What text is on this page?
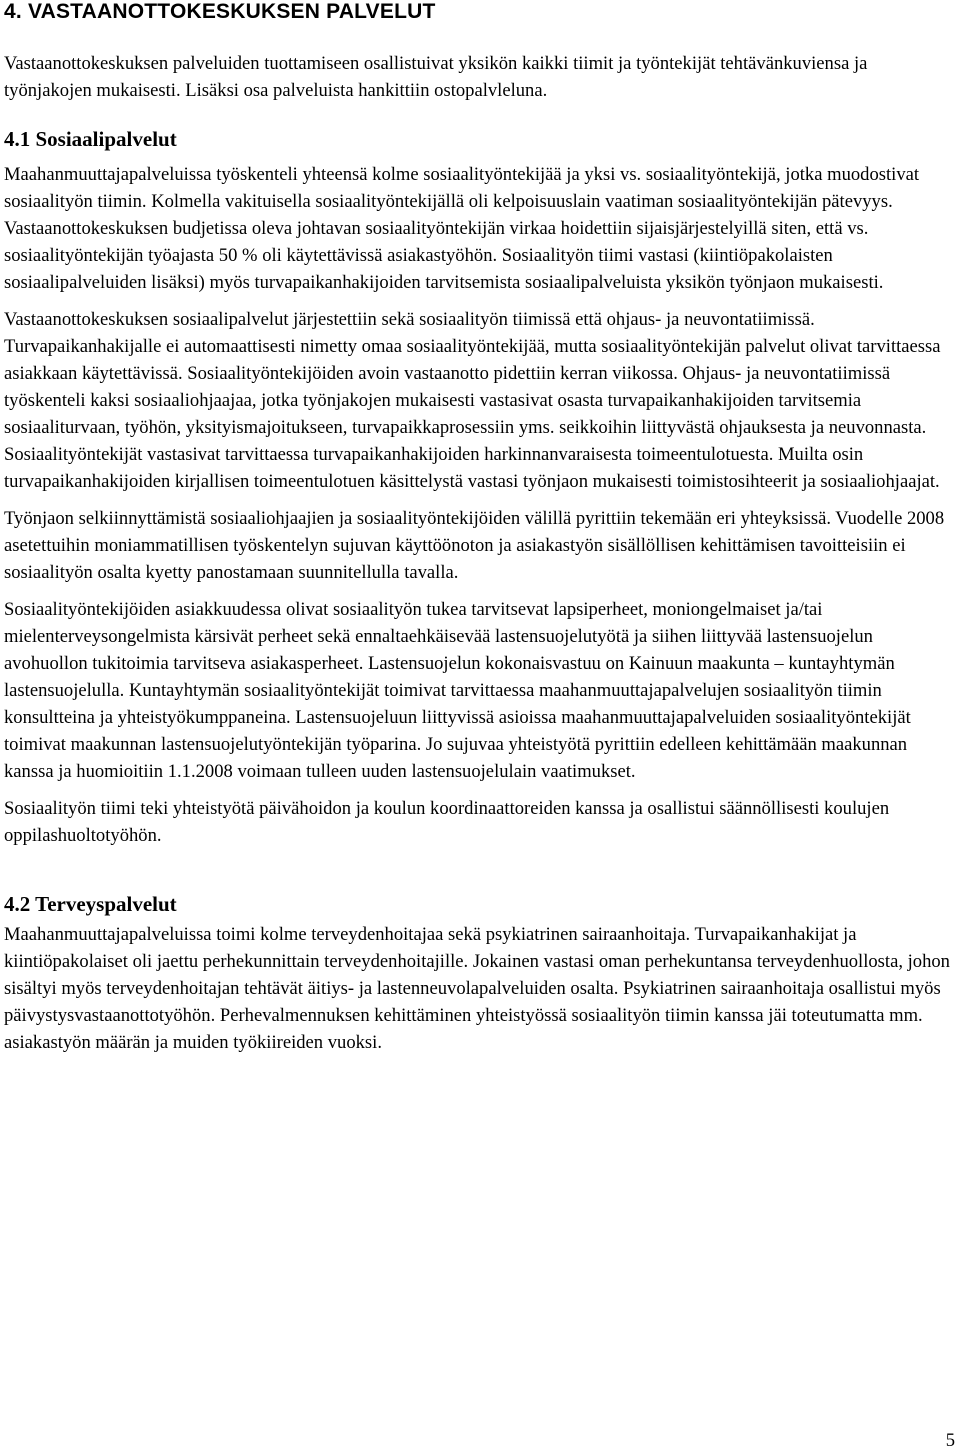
4. VASTAANOTTOKESKUKSEN PALVELUT

Vastaanottokeskuksen palveluiden tuottamiseen osallistuivat yksikön kaikki tiimit ja työntekijät tehtävänkuviensa ja työnjakojen mukaisesti. Lisäksi osa palveluista hankittiin ostopalvleluna.

4.1 Sosiaalipalvelut

Maahanmuuttajapalveluissa työskenteli yhteensä kolme sosiaalityöntekijää ja yksi vs. sosiaalityöntekijä, jotka muodostivat sosiaalityön tiimin. Kolmella vakituisella sosiaalityöntekijällä oli kelpoisuuslain vaatiman sosiaalityöntekijän pätevyys. Vastaanottokeskuksen budjetissa oleva johtavan sosiaalityöntekijän virkaa hoidettiin sijaisjärjestelyillä siten, että vs. sosiaalityöntekijän työajasta 50 % oli käytettävissä asiakastyöhön. Sosiaalityön tiimi vastasi (kiintiöpakolaisten sosiaalipalveluiden lisäksi) myös turvapaikanhakijoiden tarvitsemista sosiaalipalveluista yksikön työnjaon mukaisesti.

Vastaanottokeskuksen sosiaalipalvelut järjestettiin sekä sosiaalityön tiimissä että ohjaus- ja neuvontatiimissä. Turvapaikanhakijalle ei automaattisesti nimetty omaa sosiaalityöntekijää, mutta sosiaalityöntekijän palvelut olivat tarvittaessa asiakkaan käytettävissä. Sosiaalityöntekijöiden avoin vastaanotto pidettiin kerran viikossa. Ohjaus- ja neuvontatiimissä työskenteli kaksi sosiaaliohjaajaa, jotka työnjakojen mukaisesti vastasivat osasta turvapaikanhakijoiden tarvitsemia sosiaaliturvaan, työhön, yksityismajoitukseen, turvapaikkaprosessiin yms. seikkoihin liittyvästä ohjauksesta ja neuvonnasta. Sosiaalityöntekijät vastasivat tarvittaessa turvapaikanhakijoiden harkinnanvaraisesta toimeentulotuesta. Muilta osin turvapaikanhakijoiden kirjallisen toimeentulotuen käsittelystä vastasi työnjaon mukaisesti toimistosihteerit ja sosiaaliohjaajat.

Työnjaon selkiinnyttämistä sosiaaliohjaajien ja sosiaalityöntekijöiden välillä pyrittiin tekemään eri yhteyksissä. Vuodelle 2008 asetettuihin moniammatillisen työskentelyn sujuvan käyttöönoton ja asiakastyön sisällöllisen kehittämisen tavoitteisiin ei sosiaalityön osalta kyetty panostamaan suunnitellulla tavalla.

Sosiaalityöntekijöiden asiakkuudessa olivat sosiaalityön tukea tarvitsevat lapsiperheet, moniongelmaiset ja/tai mielenterveysongelmista kärsivät perheet sekä ennaltaehkäisevää lastensuojelutyötä ja siihen liittyvää lastensuojelun avohuollon tukitoimia tarvitseva asiakasperheet. Lastensuojelun kokonaisvastuu on Kainuun maakunta – kuntayhtymän lastensuojelulla. Kuntayhtymän sosiaalityöntekijät toimivat tarvittaessa maahanmuuttajapalvelujen sosiaalityön tiimin konsultteina ja yhteistyökumppaneina. Lastensuojeluun liittyvissä asioissa maahanmuuttajapalveluiden sosiaalityöntekijät toimivat maakunnan lastensuojelutyöntekijän työparina. Jo sujuvaa yhteistyötä pyrittiin edelleen kehittämään maakunnan kanssa ja huomioitiin 1.1.2008 voimaan tulleen uuden lastensuojelulain vaatimukset.

Sosiaalityön tiimi teki yhteistyötä päivähoidon ja koulun koordinaattoreiden kanssa ja osallistui säännöllisesti koulujen oppilashuoltotyöhön.

4.2 Terveyspalvelut

Maahanmuuttajapalveluissa toimi kolme terveydenhoitajaa sekä psykiatrinen sairaanhoitaja. Turvapaikanhakijat ja kiintiöpakolaiset oli jaettu perhekunnittain terveydenhoitajille. Jokainen vastasi oman perhekuntansa terveydenhuollosta, johon sisältyi myös terveydenhoitajan tehtävät äitiys- ja lastenneuvolapalveluiden osalta. Psykiatrinen sairaanhoitaja osallistui myös päivystysvastaanottotyöhön. Perhevalmennuksen kehittäminen yhteistyössä sosiaalityön tiimin kanssa jäi toteutumatta mm. asiakastyön määrän ja muiden työkiireiden vuoksi.

5
